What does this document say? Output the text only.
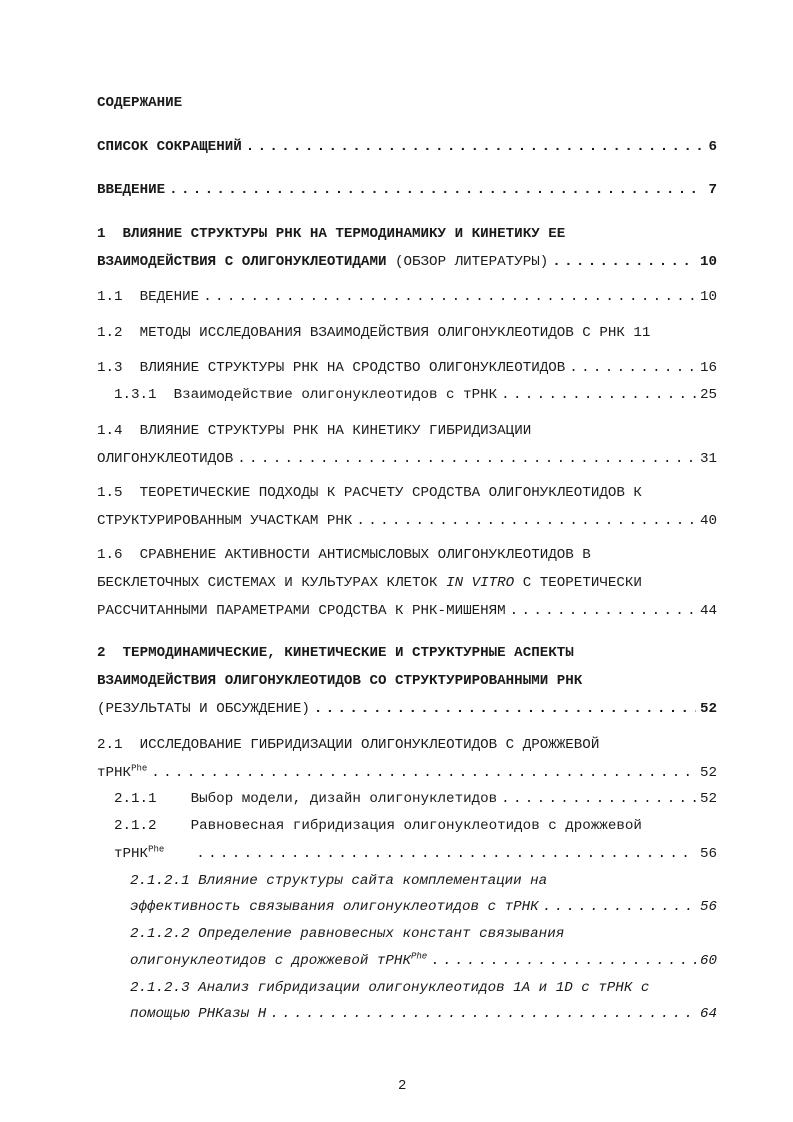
СОДЕРЖАНИЕ
СПИСОК СОКРАЩЕНИЙ . . .	6
ВВЕДЕНИЕ . . .	7
1 ВЛИЯНИЕ СТРУКТУРЫ РНК НА ТЕРМОДИНАМИКУ И КИНЕТИКУ ЕЕ
ВЗАИМОДЕЙСТВИЯ С ОЛИГОНУКЛЕОТИДАМИ (ОБЗОР ЛИТЕРАТУРЫ) . . .	10
1.1 ВЕДЕНИЕ . . .	10
1.2 МЕТОДЫ ИССЛЕДОВАНИЯ ВЗАИМОДЕЙСТВИЯ ОЛИГОНУКЛЕОТИДОВ С РНК 11
1.3 ВЛИЯНИЕ СТРУКТУРЫ РНК НА СРОДСТВО ОЛИГОНУКЛЕОТИДОВ . . .	16
1.3.1 Взаимодействие олигонуклеотидов с тРНК . . .	25
1.4 ВЛИЯНИЕ СТРУКТУРЫ РНК НА КИНЕТИКУ ГИБРИДИЗАЦИИ
ОЛИГОНУКЛЕОТИДОВ . . .	31
1.5 ТЕОРЕТИЧЕСКИЕ ПОДХОДЫ К РАСЧЕТУ СРОДСТВА ОЛИГОНУКЛЕОТИДОВ К
СТРУКТУРИРОВАННЫМ УЧАСТКАМ РНК . . .	40
1.6 СРАВНЕНИЕ АКТИВНОСТИ АНТИСМЫСЛОВЫХ ОЛИГОНУКЛЕОТИДОВ В
БЕСКЛЕТОЧНЫХ СИСТЕМАХ И КУЛЬТУРАХ КЛЕТОК IN VITRO С ТЕОРЕТИЧЕСКИ
РАССЧИТАННЫМИ ПАРАМЕТРАМИ СРОДСТВА К РНК-МИШЕНЯМ . . .	44
2 ТЕРМОДИНАМИЧЕСКИЕ, КИНЕТИЧЕСКИЕ И СТРУКТУРНЫЕ АСПЕКТЫ
ВЗАИМОДЕЙСТВИЯ ОЛИГОНУКЛЕОТИДОВ СО СТРУКТУРИРОВАННЫМИ РНК
(РЕЗУЛЬТАТЫ И ОБСУЖДЕНИЕ) . . .	52
2.1 ИССЛЕДОВАНИЕ ГИБРИДИЗАЦИИ ОЛИГОНУКЛЕОТИДОВ С ДРОЖЖЕВОЙ
тРНК$^{Phe}$ . . .	52
2.1.1 Выбор модели, дизайн олигонуклетидов . . .	52
2.1.2 Равновесная гибридизация олигонуклеотидов с дрожжевой
тРНК$^{Phe}$ . . .	56
2.1.2.1 Влияние структуры сайта комплементации на
эффективность связывания олигонуклеотидов с тРНК . . .	56
2.1.2.2 Определение равновесных констант связывания
олигонуклеотидов с дрожжевой тРНК$^{Phe}$ . . .	60
2.1.2.3 Анализ гибридизации олигонуклеотидов 1А и 1D с тРНК с
помощью РНКазы Н . . .	64
2
